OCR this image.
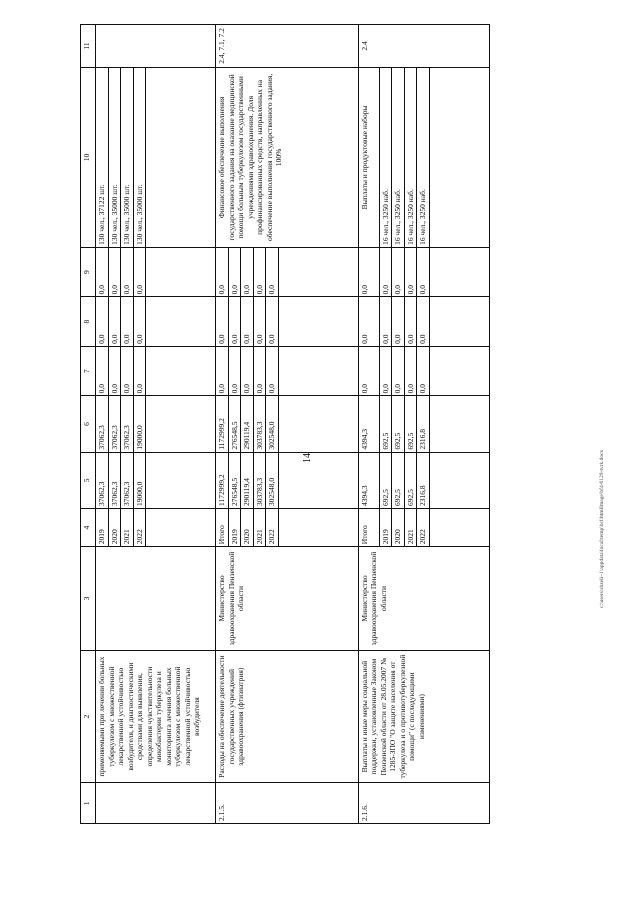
14	c:\users\sbzeli~1\appdata\local\temp\bcl\htmlImage\bf4-6129-tvrk.docx
1	2	3	4	5	6	7	8	9	10	11
	применяемыми при лечении больных туберкулезом с множественной лекарственной устойчивостью возбудителя, и диагностическими средствами для выявления, определения чувствительности микобактерии туберкулеза и мониторинга лечения больных туберкулезом с множественной лекарственной устойчивостью возбудителя		2019	37062,3	37062,3	0,0	0,0	0,0	130 чел., 37122 шт.	
			2020	37062,3	37062,3	0,0	0,0	0,0	130 чел., 35000 шт.	
			2021	37062,3	37062,3	0,0	0,0	0,0	130 чел., 35000 шт.	
			2022	19000,0	19000,0	0,0	0,0	0,0	130 чел., 35000 шт.	

2.1.5.	Расходы на обеспечение деятельности государственных учреждений здравоохранения (фтизиатрия)	Министерство здравоохранения Пензенской области	Итого	1172999,2	1172999,2	0,0	0,0	0,0	Финансовое обеспечение выполнения государственного задания на оказание медицинской помощи больным туберкулезом государственными учреждениями здравоохранения. Доля профинансированных средств, направленных на обеспечение выполнения государственного задания, 100%	2.4, 7.1, 7.2
			2019	276548,5	276548,5	0,0	0,0	0,0		
			2020	290119,4	290119,4	0,0	0,0	0,0		
			2021	303783,3	303783,3	0,0	0,0	0,0		
			2022	302548,0	302548,0	0,0	0,0	0,0		

2.1.6.	Выплаты и иные меры социальной поддержки, установленные Законом Пензенской области от 28.05.2007 № 1285-ЗПО "О защите населения от туберкулеза и о противотуберкулезной помощи" (с последующими изменениями)	Министерство здравоохранения Пензенской области	Итого	4394,3	4394,3	0,0	0,0	0,0	Выплаты и продуктовые наборы	2.4
			2019	692,5	692,5	0,0	0,0	0,0	16 чел., 3250 наб.	
			2020	692,5	692,5	0,0	0,0	0,0	16 чел., 3250 наб.	
			2021	692,5	692,5	0,0	0,0	0,0	16 чел., 3250 наб.	
			2022	2316,8	2316,8	0,0	0,0	0,0	16 чел., 3250 наб.	
